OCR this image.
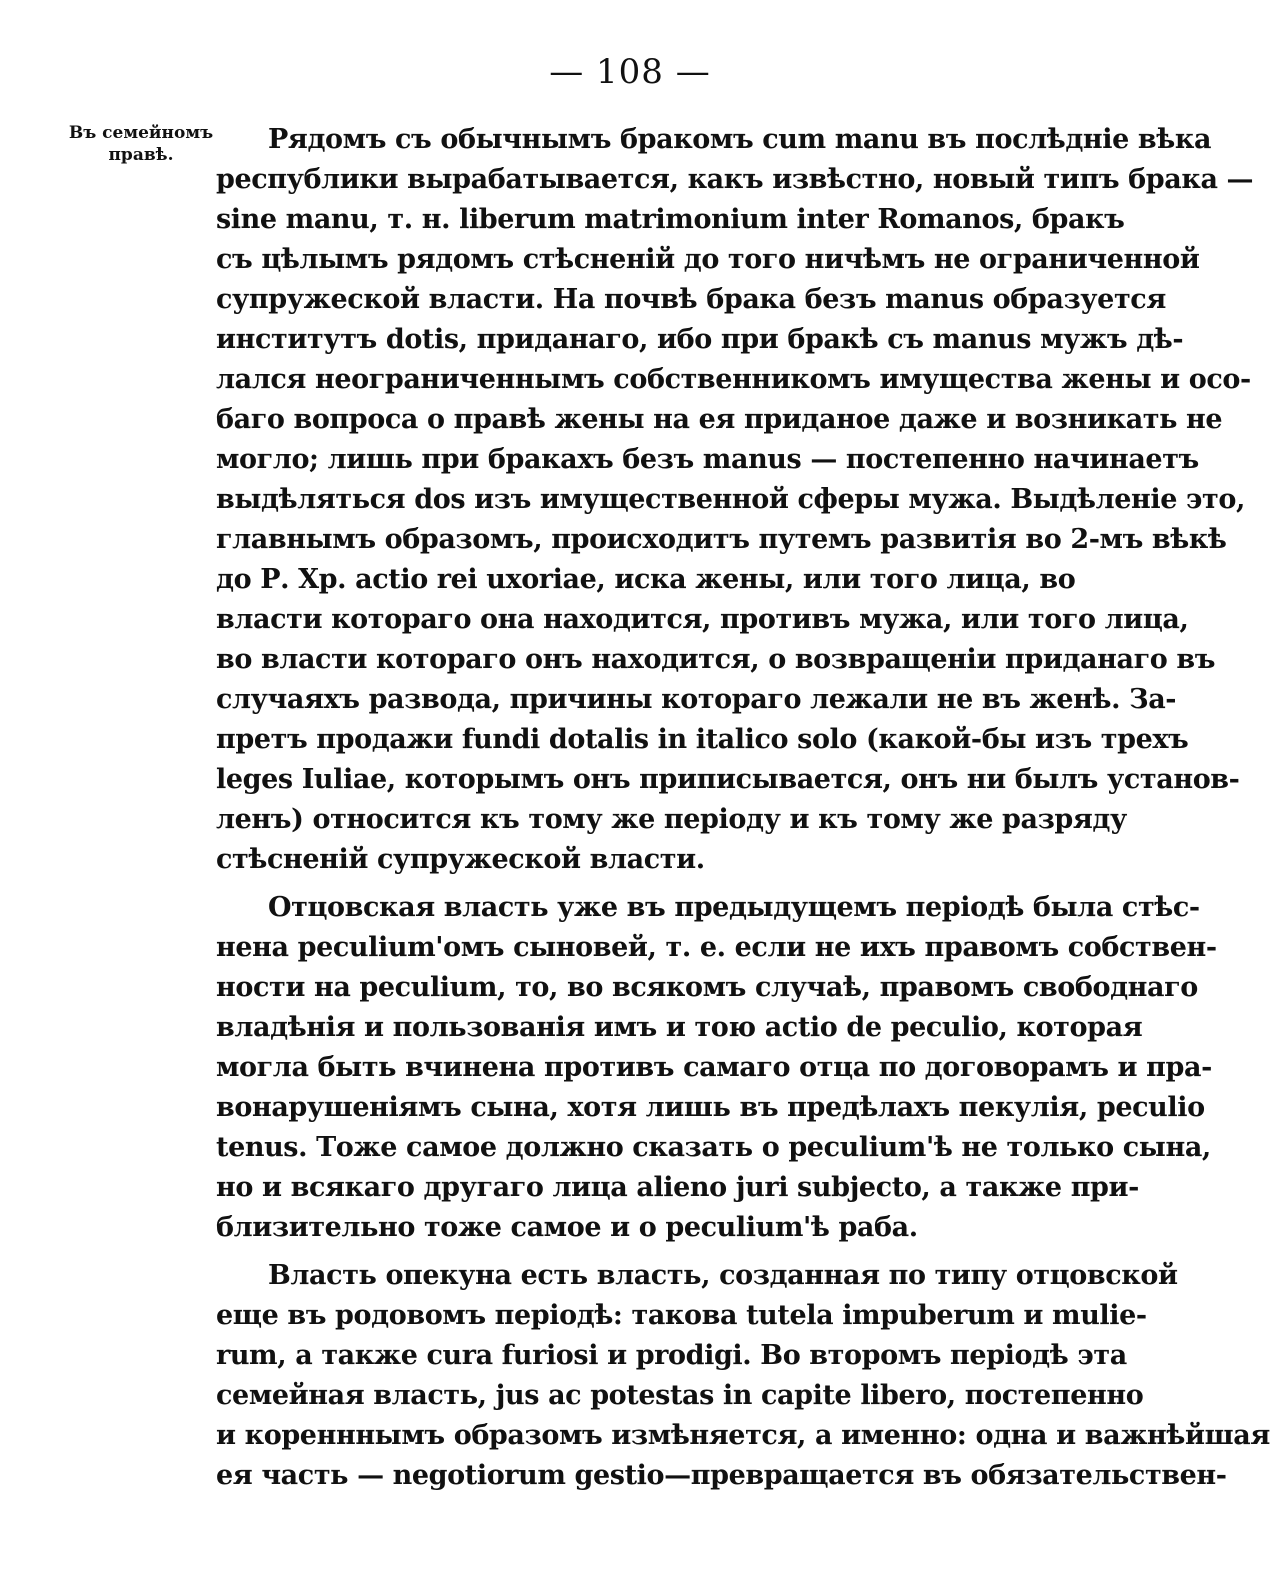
— 108 —
Въ семейномъ
правѣ.	Рядомъ съ обычнымъ бракомъ cum manu въ послѣдніе вѣка
республики вырабатывается, какъ извѣстно, новый типъ брака —
sine manu, т. н. liberum matrimonium inter Romanos, бракъ
съ цѣлымъ рядомъ стѣсненій до того ничѣмъ не ограниченной
супружеской власти. На почвѣ брака безъ manus образуется
институтъ dotis, приданаго, ибо при бракѣ съ manus мужъ дѣ-
лался неограниченнымъ собственникомъ имущества жены и осо-
баго вопроса о правѣ жены на ея приданое даже и возникать не
могло; лишь при бракахъ безъ manus — постепенно начинаетъ
выдѣляться dos изъ имущественной сферы мужа. Выдѣленіе это,
главнымъ образомъ, происходитъ путемъ развитія во 2-мъ вѣкѣ
до Р. Хр. actio rei uxoriae, иска жены, или того лица, во
власти котораго она находится, противъ мужа, или того лица,
во власти котораго онъ находится, о возвращеніи приданаго въ
случаяхъ развода, причины котораго лежали не въ женѣ. За-
претъ продажи fundi dotalis in italico solo (какой-бы изъ трехъ
leges Iuliae, которымъ онъ приписывается, онъ ни былъ установ-
ленъ) относится къ тому же періоду и къ тому же разряду
стѣсненій супружеской власти.
Отцовская власть уже въ предыдущемъ періодѣ была стѣс-
нена peculium'омъ сыновей, т. е. если не ихъ правомъ собствен-
ности на peculium, то, во всякомъ случаѣ, правомъ свободнаго
владѣнія и пользованія имъ и тою actio de peculio, которая
могла быть вчинена противъ самаго отца по договорамъ и пра-
вонарушеніямъ сына, хотя лишь въ предѣлахъ пекулія, peculio
tenus. Тоже самое должно сказать о peculium'ѣ не только сына,
но и всякаго другаго лица alieno juri subjecto, а также при-
близительно тоже самое и о peculium'ѣ раба.
Власть опекуна есть власть, созданная по типу отцовской
еще въ родовомъ періодѣ: такова tutela impuberum и mulie-
rum, а также cura furiosi и prodigi. Во второмъ періодѣ эта
семейная власть, jus ac potestas in capite libero, постепенно
и коренннымъ образомъ измѣняется, а именно: одна и важнѣйшая
ея часть — negotiorum gestio—превращается въ обязательствен-
